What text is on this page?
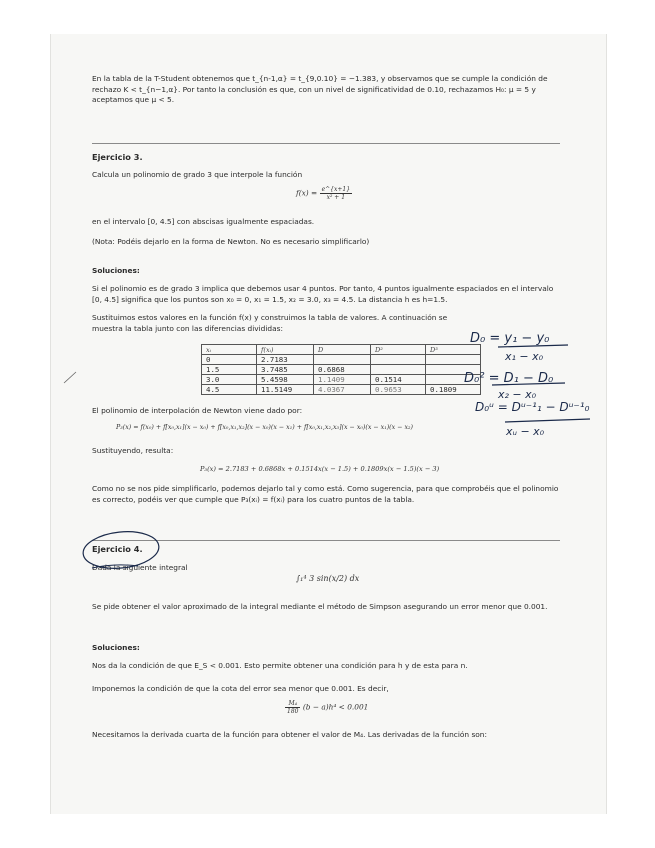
En la tabla de la T-Student obtenemos que t_{n-1,α} = t_{9,0.10} = −1.383, y observamos que se cumple la condición de rechazo K < t_{n−1,α}. Por tanto la conclusión es que, con un nivel de significatividad de 0.10, rechazamos H₀: μ = 5 y aceptamos que μ < 5.
Ejercicio 3.
Calcula un polinomio de grado 3 que interpole la función
$f(x) = \frac{e\^{}\{x+1\}}{\text{x² + 1}}$
en el intervalo [0, 4.5] con abscisas igualmente espaciadas.
(Nota: Podéis dejarlo en la forma de Newton. No es necesario simplificarlo)
Soluciones:
Si el polinomio es de grado 3 implica que debemos usar 4 puntos. Por tanto, 4 puntos igualmente espaciados en el intervalo [0, 4.5] significa que los puntos son x₀ = 0, x₁ = 1.5, x₂ = 3.0, x₃ = 4.5. La distancia h es h=1.5.
Sustituimos estos valores en la función f(x) y construimos la tabla de valores. A continuación se muestra la tabla junto con las diferencias divididas:
xᵢ	f(xᵢ)	D	D²	D³
0	2.7183			
1.5	3.7485	0.6868		
3.0	5.4598	1.1409	0.1514	
4.5	11.5149	4.0367	0.9653	0.1809
El polinomio de interpolación de Newton viene dado por:
P₃(x) = f(x₀) + f[x₀,x₁](x − x₀) + f[x₀,x₁,x₂](x − x₀)(x − x₁) + f[x₀,x₁,x₂,x₃](x − x₀)(x − x₁)(x − x₂)
Sustituyendo, resulta:
P₃(x) = 2.7183 + 0.6868x + 0.1514x(x − 1.5) + 0.1809x(x − 1.5)(x − 3)
Como no se nos pide simplificarlo, podemos dejarlo tal y como está. Como sugerencia, para que comprobéis que el polinomio es correcto, podéis ver que cumple que P₃(xᵢ) = f(xᵢ) para los cuatro puntos de la tabla.
D₀ = y₁ − y₀
x₁ − x₀
D₀² = D₁ − D₀
x₂ − x₀
D₀ᵘ = Dᵘ⁻¹₁ − Dᵘ⁻¹₀
xᵤ − x₀
Ejercicio 4.
Dada la siguiente integral
∫₁⁴ 3 sin(x/2) dx
Se pide obtener el valor aproximado de la integral mediante el método de Simpson asegurando un error menor que 0.001.
Soluciones:
Nos da la condición de que E_S < 0.001. Esto permite obtener una condición para h y de esta para n.
Imponemos la condición de que la cota del error sea menor que 0.001. Es decir,
$\frac{\text{M₄}}{180} (b - a)h^4 < 0.001$
Necesitamos la derivada cuarta de la función para obtener el valor de M₄. Las derivadas de la función son:
